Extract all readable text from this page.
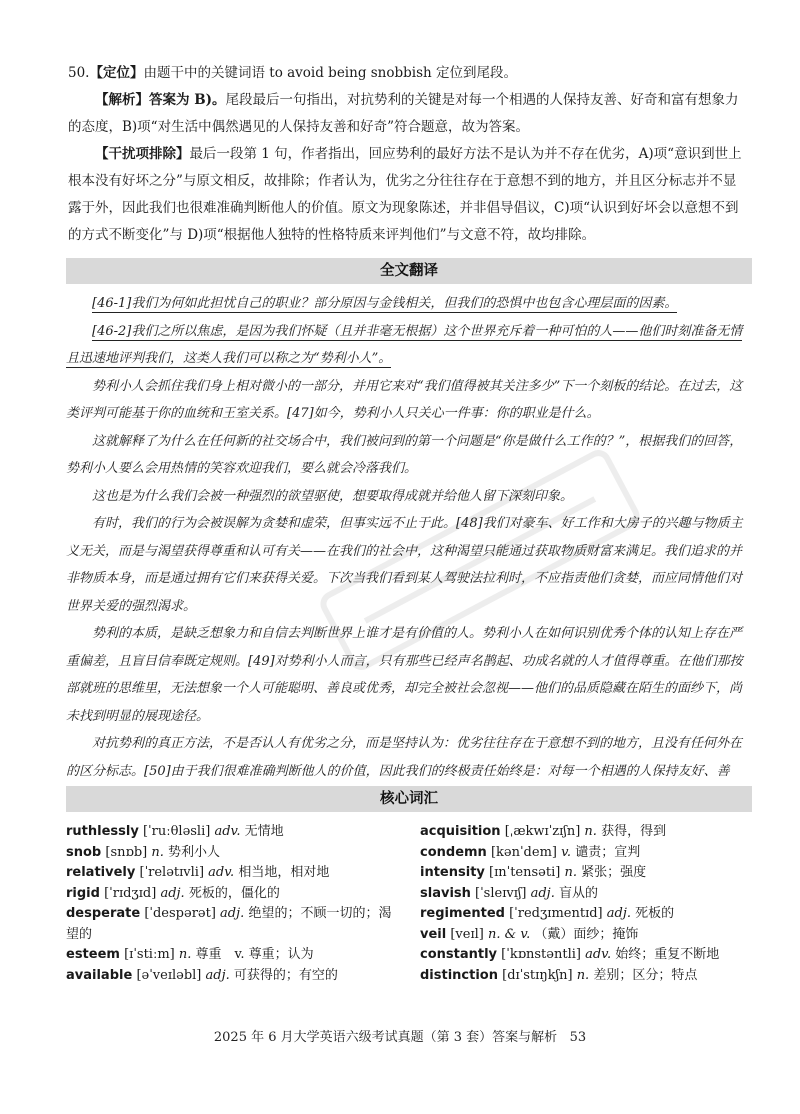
50.【定位】由题干中的关键词语 to avoid being snobbish 定位到尾段。
【解析】答案为 B)。尾段最后一句指出，对抗势利的关键是对每一个相遇的人保持友善、好奇和富有想象力的态度，B)项“对生活中偶然遇见的人保持友善和好奇”符合题意，故为答案。
【干扰项排除】最后一段第 1 句，作者指出，回应势利的最好方法不是认为并不存在优劣，A)项“意识到世上根本没有好坏之分”与原文相反，故排除；作者认为，优劣之分往往存在于意想不到的地方，并且区分标志并不显露于外，因此我们也很难准确判断他人的价值。原文为现象陈述，并非倡导倡议，C)项“认识到好坏会以意想不到的方式不断变化”与 D)项“根据他人独特的性格特质来评判他们”与文意不符，故均排除。
全文翻译

[46-1]我们为何如此担忧自己的职业？部分原因与金钱相关，但我们的恐惧中也包含心理层面的因素。

[46-2]我们之所以焦虑，是因为我们怀疑（且并非毫无根据）这个世界充斥着一种可怕的人——他们时刻准备无情且迅速地评判我们，这类人我们可以称之为“势利小人”。

势利小人会抓住我们身上相对微小的一部分，并用它来对“我们值得被其关注多少”下一个刻板的结论。在过去，这类评判可能基于你的血统和王室关系。[47]如今，势利小人只关心一件事：你的职业是什么。

这就解释了为什么在任何新的社交场合中，我们被问到的第一个问题是“你是做什么工作的？”，根据我们的回答，势利小人要么会用热情的笑容欢迎我们，要么就会冷落我们。

这也是为什么我们会被一种强烈的欲望驱使，想要取得成就并给他人留下深刻印象。

有时，我们的行为会被误解为贪婪和虚荣，但事实远不止于此。[48]我们对豪车、好工作和大房子的兴趣与物质主义无关，而是与渴望获得尊重和认可有关——在我们的社会中，这种渴望只能通过获取物质财富来满足。我们追求的并非物质本身，而是通过拥有它们来获得关爱。下次当我们看到某人驾驶法拉利时，不应指责他们贪婪，而应同情他们对世界关爱的强烈渴求。

势利的本质，是缺乏想象力和自信去判断世界上谁才是有价值的人。势利小人在如何识别优秀个体的认知上存在严重偏差，且盲目信奉既定规则。[49]对势利小人而言，只有那些已经声名鹊起、功成名就的人才值得尊重。在他们那按部就班的思维里，无法想象一个人可能聪明、善良或优秀，却完全被社会忽视——他们的品质隐藏在陌生的面纱下，尚未找到明显的展现途径。

对抗势利的真正方法，不是否认人有优劣之分，而是坚持认为：优劣往往存在于意想不到的地方，且没有任何外在的区分标志。[50]由于我们很难准确判断他人的价值，因此我们的终极责任始终是：对每一个相遇的人保持友好、善

核心词汇
ruthlessly [ˈruːθləsli] adv. 无情地
snob [snɒb] n. 势利小人
relatively [ˈrelətɪvli] adv. 相当地，相对地
rigid [ˈrɪdʒɪd] adj. 死板的，僵化的
desperate [ˈdespərət] adj. 绝望的；不顾一切的；渴望的
esteem [ɪˈstiːm] n. 尊重　v. 尊重；认为
available [əˈveɪləbl] adj. 可获得的；有空的
acquisition [ˌækwɪˈzɪʃn] n. 获得，得到
condemn [kənˈdem] v. 谴责；宣判
intensity [ɪnˈtensəti] n. 紧张；强度
slavish [ˈsleɪvɪʃ] adj. 盲从的
regimented [ˈredʒɪmentɪd] adj. 死板的
veil [veɪl] n. & v. （戴）面纱；掩饰
constantly [ˈkɒnstəntli] adv. 始终；重复不断地
distinction [dɪˈstɪŋkʃn] n. 差别；区分；特点
2025 年 6 月大学英语六级考试真题（第 3 套）答案与解析 53
